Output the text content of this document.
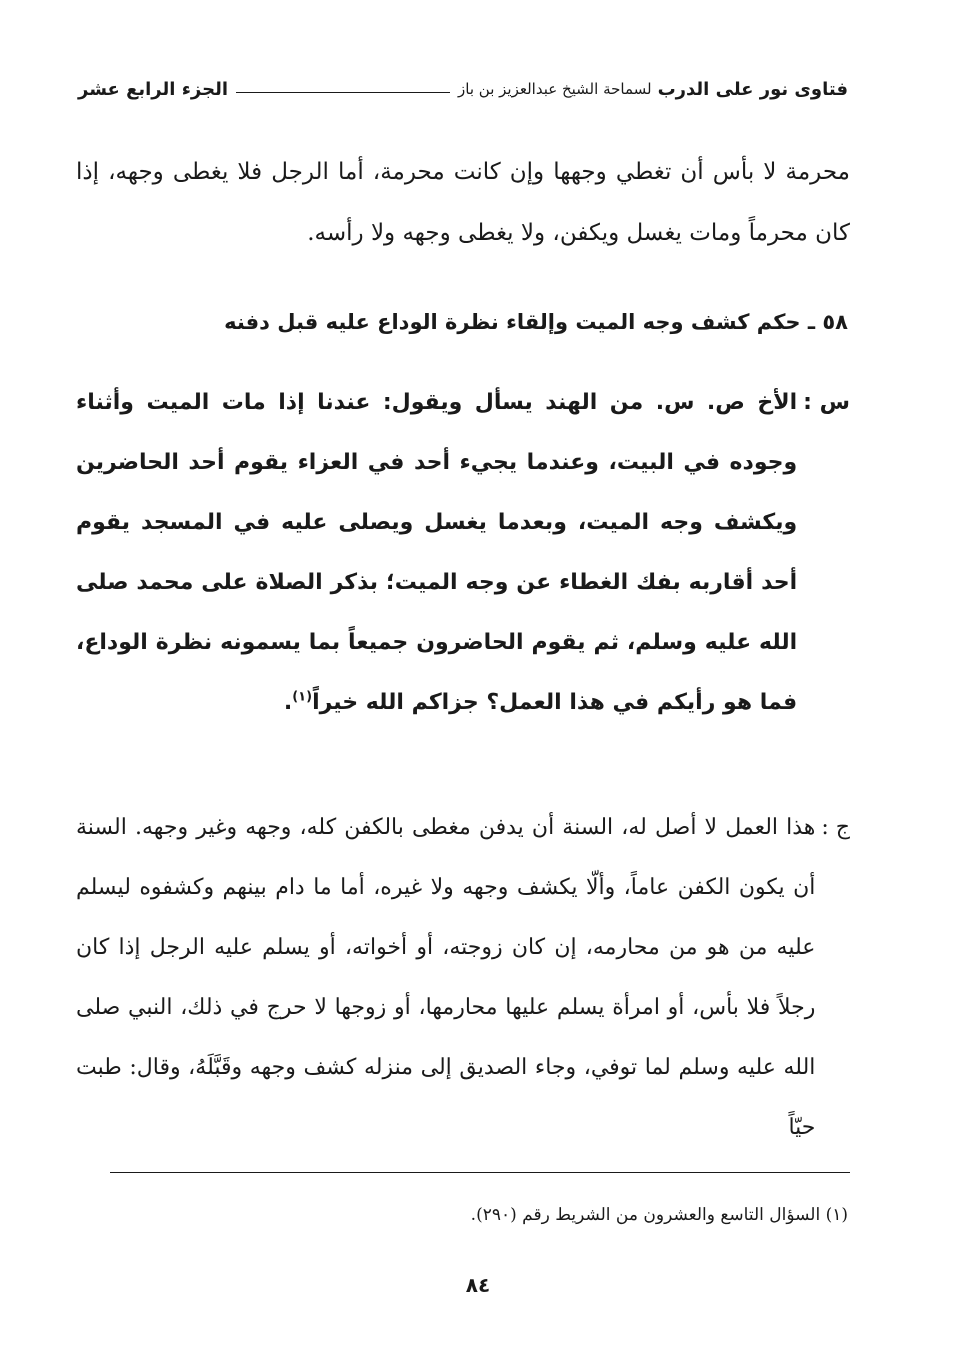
فتاوى نور على الدرب
لسماحة الشيخ عبدالعزيز بن باز
الجزء الرابع عشر

محرمة لا بأس أن تغطي وجهها وإن كانت محرمة، أما الرجل فلا يغطى وجهه، إذا كان محرماً ومات يغسل ويكفن، ولا يغطى وجهه ولا رأسه.

٥٨ ـ حكم كشف وجه الميت وإلقاء نظرة الوداع عليه قبل دفنه
س :
الأخ ص. س. من الهند يسأل ويقول: عندنا إذا مات الميت وأثناء وجوده في البيت، وعندما يجيء أحد في العزاء يقوم أحد الحاضرين ويكشف وجه الميت، وبعدما يغسل ويصلى عليه في المسجد يقوم أحد أقاربه بفك الغطاء عن وجه الميت؛ بذكر الصلاة على محمد صلى الله عليه وسلم، ثم يقوم الحاضرون جميعاً بما يسمونه نظرة الوداع، فما هو رأيكم في هذا العمل؟ جزاكم الله خيراً$^{(١)}$.
ج :
هذا العمل لا أصل له، السنة أن يدفن مغطى بالكفن كله، وجهه وغير وجهه. السنة أن يكون الكفن عاماً، وألّا يكشف وجهه ولا غيره، أما ما دام بينهم وكشفوه ليسلم عليه من هو من محارمه، إن كان زوجته، أو أخواته، أو يسلم عليه الرجل إذا كان رجلاً فلا بأس، أو امرأة يسلم عليها محارمها، أو زوجها لا حرج في ذلك، النبي صلى الله عليه وسلم لما توفي، وجاء الصديق إلى منزله كشف وجهه وقَبَّلَهُ، وقال: طبت حيّاً

(١) السؤال التاسع والعشرون من الشريط رقم (٢٩٠).

٨٤
